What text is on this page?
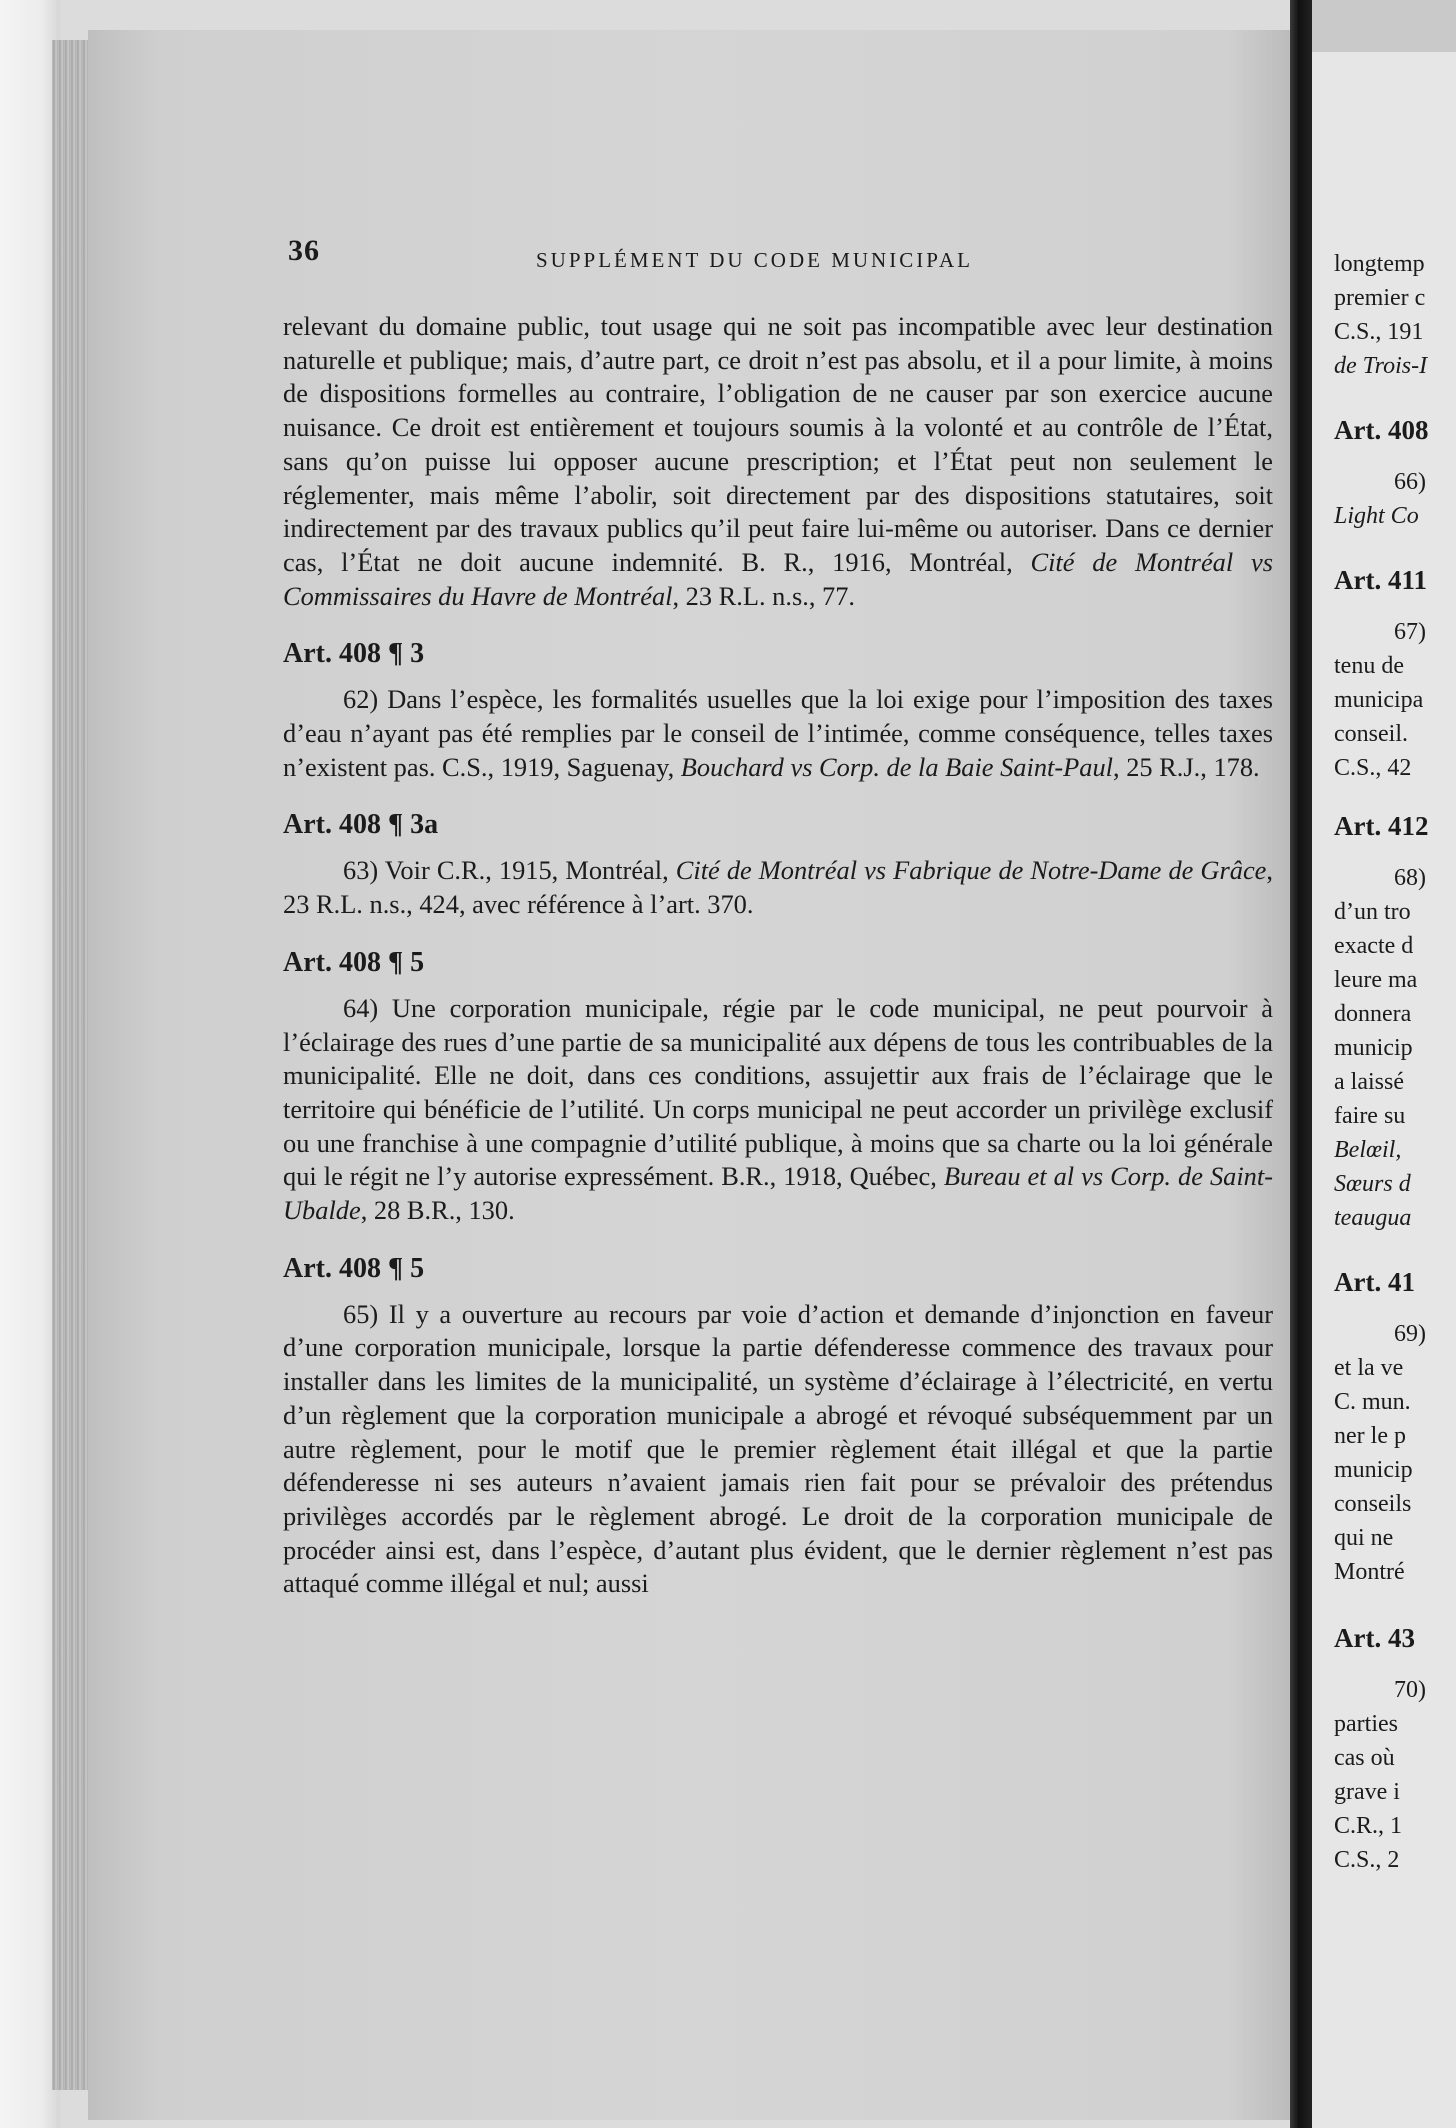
longtemp
premier c
C.S., 191
de Trois-I
Art. 408
66)
Light Co
Art. 411
67)
tenu de
municipa
conseil.
C.S., 42
Art. 412
68)
d’un tro
exacte d
leure ma
donnera
municip
a laissé
faire su
Belœil,
Sœurs d
teaugua
Art. 41
69)
et la ve
C. mun.
ner le p
municip
conseils
qui ne
Montré
Art. 43
70)
parties
cas où
grave i
C.R., 1
C.S., 2
36	SUPPLÉMENT DU CODE MUNICIPAL

relevant du domaine public, tout usage qui ne soit pas incompatible avec leur destination naturelle et publique; mais, d’autre part, ce droit n’est pas absolu, et il a pour limite, à moins de dispositions formelles au contraire, l’obligation de ne causer par son exercice aucune nuisance. Ce droit est entièrement et toujours soumis à la volonté et au contrôle de l’État, sans qu’on puisse lui opposer aucune prescription; et l’État peut non seulement le réglementer, mais même l’abolir, soit directement par des dispositions statutaires, soit indirectement par des travaux publics qu’il peut faire lui-même ou autoriser. Dans ce dernier cas, l’État ne doit aucune indemnité. B. R., 1916, Montréal, Cité de Montréal vs Commissaires du Havre de Montréal, 23 R.L. n.s., 77.

Art. 408 ¶ 3

62) Dans l’espèce, les formalités usuelles que la loi exige pour l’imposition des taxes d’eau n’ayant pas été remplies par le conseil de l’intimée, comme conséquence, telles taxes n’existent pas. C.S., 1919, Saguenay, Bouchard vs Corp. de la Baie Saint-Paul, 25 R.J., 178.

Art. 408 ¶ 3a

63) Voir C.R., 1915, Montréal, Cité de Montréal vs Fabrique de Notre-Dame de Grâce, 23 R.L. n.s., 424, avec référence à l’art. 370.

Art. 408 ¶ 5

64) Une corporation municipale, régie par le code municipal, ne peut pourvoir à l’éclairage des rues d’une partie de sa municipalité aux dépens de tous les contribuables de la municipalité. Elle ne doit, dans ces conditions, assujettir aux frais de l’éclairage que le territoire qui bénéficie de l’utilité. Un corps municipal ne peut accorder un privilège exclusif ou une franchise à une compagnie d’utilité publique, à moins que sa charte ou la loi générale qui le régit ne l’y autorise expressément. B.R., 1918, Québec, Bureau et al vs Corp. de Saint-Ubalde, 28 B.R., 130.

Art. 408 ¶ 5

65) Il y a ouverture au recours par voie d’action et demande d’injonction en faveur d’une corporation municipale, lorsque la partie défenderesse commence des travaux pour installer dans les limites de la municipalité, un système d’éclairage à l’électricité, en vertu d’un règlement que la corporation municipale a abrogé et révoqué subséquemment par un autre règlement, pour le motif que le premier règlement était illégal et que la partie défenderesse ni ses auteurs n’avaient jamais rien fait pour se prévaloir des prétendus privilèges accordés par le règlement abrogé. Le droit de la corporation municipale de procéder ainsi est, dans l’espèce, d’autant plus évident, que le dernier règlement n’est pas attaqué comme illégal et nul; aussi
